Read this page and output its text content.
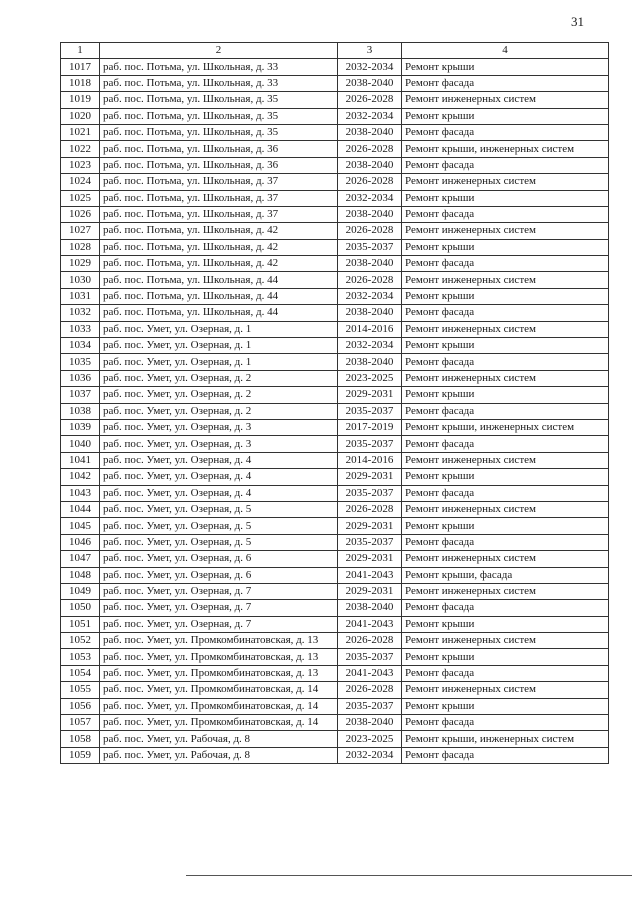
31
1	2	3	4
1017	раб. пос. Потьма, ул. Школьная, д. 33	2032-2034	Ремонт крыши
1018	раб. пос. Потьма, ул. Школьная, д. 33	2038-2040	Ремонт фасада
1019	раб. пос. Потьма, ул. Школьная, д. 35	2026-2028	Ремонт инженерных систем
1020	раб. пос. Потьма, ул. Школьная, д. 35	2032-2034	Ремонт крыши
1021	раб. пос. Потьма, ул. Школьная, д. 35	2038-2040	Ремонт фасада
1022	раб. пос. Потьма, ул. Школьная, д. 36	2026-2028	Ремонт крыши, инженерных систем
1023	раб. пос. Потьма, ул. Школьная, д. 36	2038-2040	Ремонт фасада
1024	раб. пос. Потьма, ул. Школьная, д. 37	2026-2028	Ремонт инженерных систем
1025	раб. пос. Потьма, ул. Школьная, д. 37	2032-2034	Ремонт крыши
1026	раб. пос. Потьма, ул. Школьная, д. 37	2038-2040	Ремонт фасада
1027	раб. пос. Потьма, ул. Школьная, д. 42	2026-2028	Ремонт инженерных систем
1028	раб. пос. Потьма, ул. Школьная, д. 42	2035-2037	Ремонт крыши
1029	раб. пос. Потьма, ул. Школьная, д. 42	2038-2040	Ремонт фасада
1030	раб. пос. Потьма, ул. Школьная, д. 44	2026-2028	Ремонт инженерных систем
1031	раб. пос. Потьма, ул. Школьная, д. 44	2032-2034	Ремонт крыши
1032	раб. пос. Потьма, ул. Школьная, д. 44	2038-2040	Ремонт фасада
1033	раб. пос. Умет, ул. Озерная, д. 1	2014-2016	Ремонт инженерных систем
1034	раб. пос. Умет, ул. Озерная, д. 1	2032-2034	Ремонт крыши
1035	раб. пос. Умет, ул. Озерная, д. 1	2038-2040	Ремонт фасада
1036	раб. пос. Умет, ул. Озерная, д. 2	2023-2025	Ремонт инженерных систем
1037	раб. пос. Умет, ул. Озерная, д. 2	2029-2031	Ремонт крыши
1038	раб. пос. Умет, ул. Озерная, д. 2	2035-2037	Ремонт фасада
1039	раб. пос. Умет, ул. Озерная, д. 3	2017-2019	Ремонт крыши, инженерных систем
1040	раб. пос. Умет, ул. Озерная, д. 3	2035-2037	Ремонт фасада
1041	раб. пос. Умет, ул. Озерная, д. 4	2014-2016	Ремонт инженерных систем
1042	раб. пос. Умет, ул. Озерная, д. 4	2029-2031	Ремонт крыши
1043	раб. пос. Умет, ул. Озерная, д. 4	2035-2037	Ремонт фасада
1044	раб. пос. Умет, ул. Озерная, д. 5	2026-2028	Ремонт инженерных систем
1045	раб. пос. Умет, ул. Озерная, д. 5	2029-2031	Ремонт крыши
1046	раб. пос. Умет, ул. Озерная, д. 5	2035-2037	Ремонт фасада
1047	раб. пос. Умет, ул. Озерная, д. 6	2029-2031	Ремонт инженерных систем
1048	раб. пос. Умет, ул. Озерная, д. 6	2041-2043	Ремонт крыши, фасада
1049	раб. пос. Умет, ул. Озерная, д. 7	2029-2031	Ремонт инженерных систем
1050	раб. пос. Умет, ул. Озерная, д. 7	2038-2040	Ремонт фасада
1051	раб. пос. Умет, ул. Озерная, д. 7	2041-2043	Ремонт крыши
1052	раб. пос. Умет, ул. Промкомбинатовская, д. 13	2026-2028	Ремонт инженерных систем
1053	раб. пос. Умет, ул. Промкомбинатовская, д. 13	2035-2037	Ремонт крыши
1054	раб. пос. Умет, ул. Промкомбинатовская, д. 13	2041-2043	Ремонт фасада
1055	раб. пос. Умет, ул. Промкомбинатовская, д. 14	2026-2028	Ремонт инженерных систем
1056	раб. пос. Умет, ул. Промкомбинатовская, д. 14	2035-2037	Ремонт крыши
1057	раб. пос. Умет, ул. Промкомбинатовская, д. 14	2038-2040	Ремонт фасада
1058	раб. пос. Умет, ул. Рабочая, д. 8	2023-2025	Ремонт крыши, инженерных систем
1059	раб. пос. Умет, ул. Рабочая, д. 8	2032-2034	Ремонт фасада
